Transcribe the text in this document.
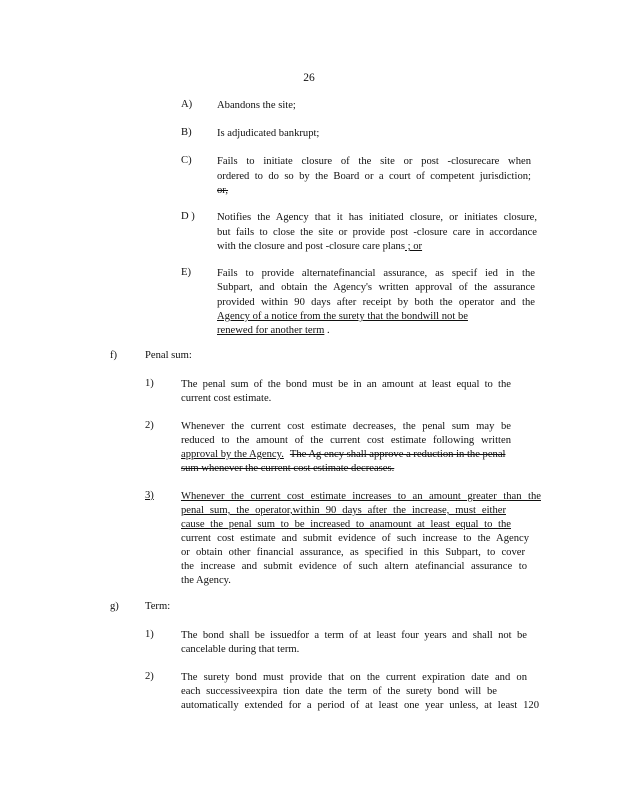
26
A) Abandons the site;
B) Is adjudicated bankrupt;
C) Fails to initiate closure of the site or post -closurecare when
ordered to do so by the Board or a court of competent jurisdiction;
or,
D ) Notifies the Agency that it has initiated closure, or initiates closure,
but fails to close the site or provide post -closure care in accordance
with the closure and post -closure care plans ; or
E) Fails to provide alternatefinancial assurance, as specif ied in the
Subpart, and obtain the Agency's written approval of the assurance
provided within 90 days after receipt by both the operator and the
Agency of a notice from the surety that the bondwill not be
renewed for another term .
f)	Penal sum:
1)	The penal sum of the bond must be in an amount at least equal to the
current cost estimate.
2)	Whenever the current cost estimate decreases, the penal sum may be
reduced to the amount of the current cost estimate following written
approval by the Agency. The Ag ency shall approve a reduction in the penal
sum whenever the current cost estimate decreases.
3)	Whenever the current cost estimate increases to an amount greater than the
penal sum, the operator,within 90 days after the increase, must either
cause the penal sum to be increased to anamount at least equal to the
current cost estimate and submit evidence of such increase to the Agency
or obtain other financial assurance, as specified in this Subpart, to cover
the increase and submit evidence of such altern atefinancial assurance to
the Agency.
g) Term:
1)	The bond shall be issuedfor a term of at least four years and shall not be
cancelable during that term.
2)	The surety bond must provide that on the current expiration date and on
each successiveexpira tion date the term of the surety bond will be
automatically extended for a period of at least one year unless, at least 120
